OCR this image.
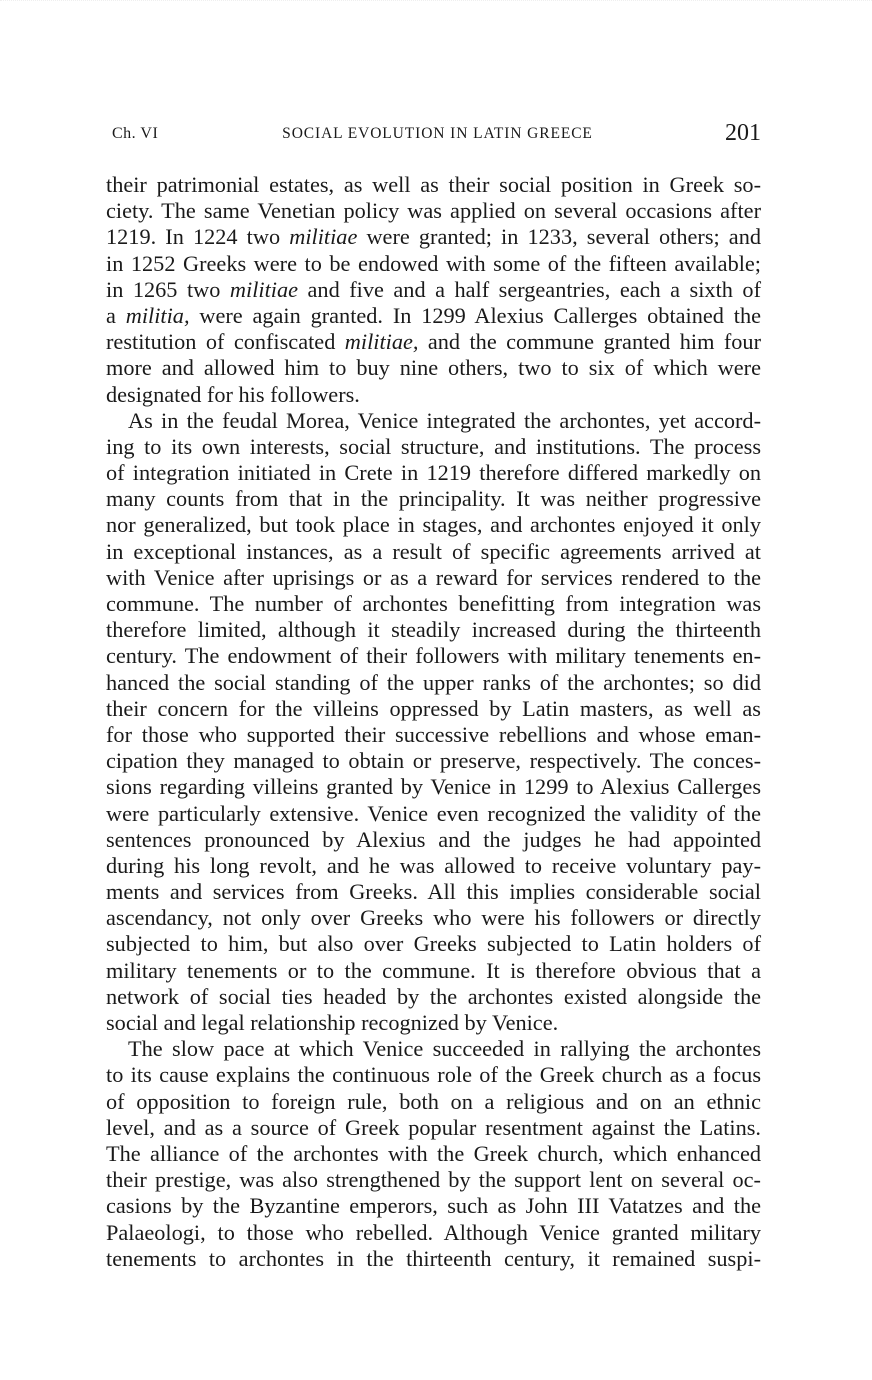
Ch. VI	SOCIAL EVOLUTION IN LATIN GREECE	201
their patrimonial estates, as well as their social position in Greek so-
ciety. The same Venetian policy was applied on several occasions after
1219. In 1224 two militiae were granted; in 1233, several others; and
in 1252 Greeks were to be endowed with some of the fifteen available;
in 1265 two militiae and five and a half sergeantries, each a sixth of
a militia, were again granted. In 1299 Alexius Callerges obtained the
restitution of confiscated militiae, and the commune granted him four
more and allowed him to buy nine others, two to six of which were
designated for his followers.
As in the feudal Morea, Venice integrated the archontes, yet accord-
ing to its own interests, social structure, and institutions. The process
of integration initiated in Crete in 1219 therefore differed markedly on
many counts from that in the principality. It was neither progressive
nor generalized, but took place in stages, and archontes enjoyed it only
in exceptional instances, as a result of specific agreements arrived at
with Venice after uprisings or as a reward for services rendered to the
commune. The number of archontes benefitting from integration was
therefore limited, although it steadily increased during the thirteenth
century. The endowment of their followers with military tenements en-
hanced the social standing of the upper ranks of the archontes; so did
their concern for the villeins oppressed by Latin masters, as well as
for those who supported their successive rebellions and whose eman-
cipation they managed to obtain or preserve, respectively. The conces-
sions regarding villeins granted by Venice in 1299 to Alexius Callerges
were particularly extensive. Venice even recognized the validity of the
sentences pronounced by Alexius and the judges he had appointed
during his long revolt, and he was allowed to receive voluntary pay-
ments and services from Greeks. All this implies considerable social
ascendancy, not only over Greeks who were his followers or directly
subjected to him, but also over Greeks subjected to Latin holders of
military tenements or to the commune. It is therefore obvious that a
network of social ties headed by the archontes existed alongside the
social and legal relationship recognized by Venice.
The slow pace at which Venice succeeded in rallying the archontes
to its cause explains the continuous role of the Greek church as a focus
of opposition to foreign rule, both on a religious and on an ethnic
level, and as a source of Greek popular resentment against the Latins.
The alliance of the archontes with the Greek church, which enhanced
their prestige, was also strengthened by the support lent on several oc-
casions by the Byzantine emperors, such as John III Vatatzes and the
Palaeologi, to those who rebelled. Although Venice granted military
tenements to archontes in the thirteenth century, it remained suspi-
